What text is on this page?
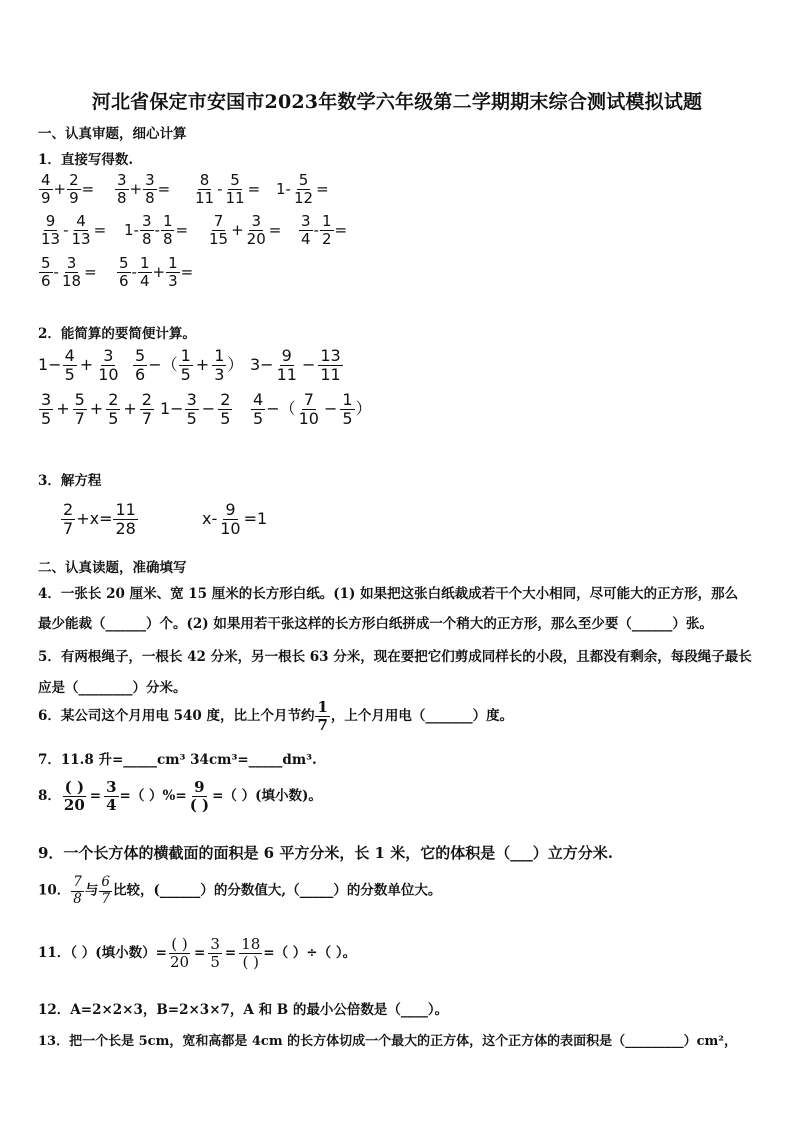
河北省保定市安国市2023年数学六年级第二学期期末综合测试模拟试题
一、认真审题，细心计算
1．直接写得数.
$\frac{4}{9} + \frac{2}{9} = \frac{3}{8} + \frac{3}{8} = \frac{8}{11} - \frac{5}{11} = 1- \frac{5}{12}$ =
$\frac{9}{13} - \frac{4}{13} = 1- \frac{3}{8} - \frac{1}{8} = \frac{7}{15} + \frac{3}{20} = \frac{3}{4} - \frac{1}{2}$ =
$\frac{5}{6} - \frac{3}{18} = \frac{5}{6} - \frac{1}{4} + \frac{1}{3}$ =
2．能简算的要简便计算。
$1- \frac{4}{5} + \frac{3}{10} \frac{5}{6}$ −（ $\frac{1}{5} + \frac{1}{3}$ ） $3- \frac{9}{11} - \frac{13}{11}$
$\frac{3}{5} + \frac{5}{7} + \frac{2}{5} + \frac{2}{7} 1- \frac{3}{5} - \frac{2}{5} \frac{4}{5}$ −（ $\frac{7}{10} - \frac{1}{5}$ ）
3．解方程
$\frac{2}{7} +x= \frac{11}{28}$	$x- \frac{9}{10} =1$
二、认真读题，准确填写
4．一张长 20 厘米、宽 15 厘米的长方形白纸。(1) 如果把这张白纸裁成若干个大小相同，尽可能大的正方形，那么
最少能裁（______）个。(2) 如果用若干张这样的长方形白纸拼成一个稍大的正方形，那么至少要（______）张。
5．有两根绳子，一根长 42 分米，另一根长 63 分米，现在要把它们剪成同样长的小段，且都没有剩余，每段绳子最长
应是（________）分米。
6．某公司这个月用电 540 度，比上个月节约 $\frac{1}{7}$ ，上个月用电（_______）度。
7．11.8 升=_____cm³ 34cm³=_____dm³.
8． ( )
$20 = \frac{3}{4}$ =（ ）%= 9
( ) =（ ）(填小数)。
9．一个长方体的横截面的面积是 6 平方分米，长 1 米，它的体积是（___）立方分米.
10． $\frac{7}{8}$ 与 $\frac{6}{7}$ 比较，(______）的分数值大,（_____）的分数单位大。
11．（ ）(填小数）= ( )
$20 = \frac{3}{5} = 18$
( ) =（ ）÷（ ）。
12．A=2×2×3，B=2×3×7，A 和 B 的最小公倍数是（____）。
13．把一个长是 5cm，宽和高都是 4cm 的长方体切成一个最大的正方体，这个正方体的表面积是（_________）cm²，
